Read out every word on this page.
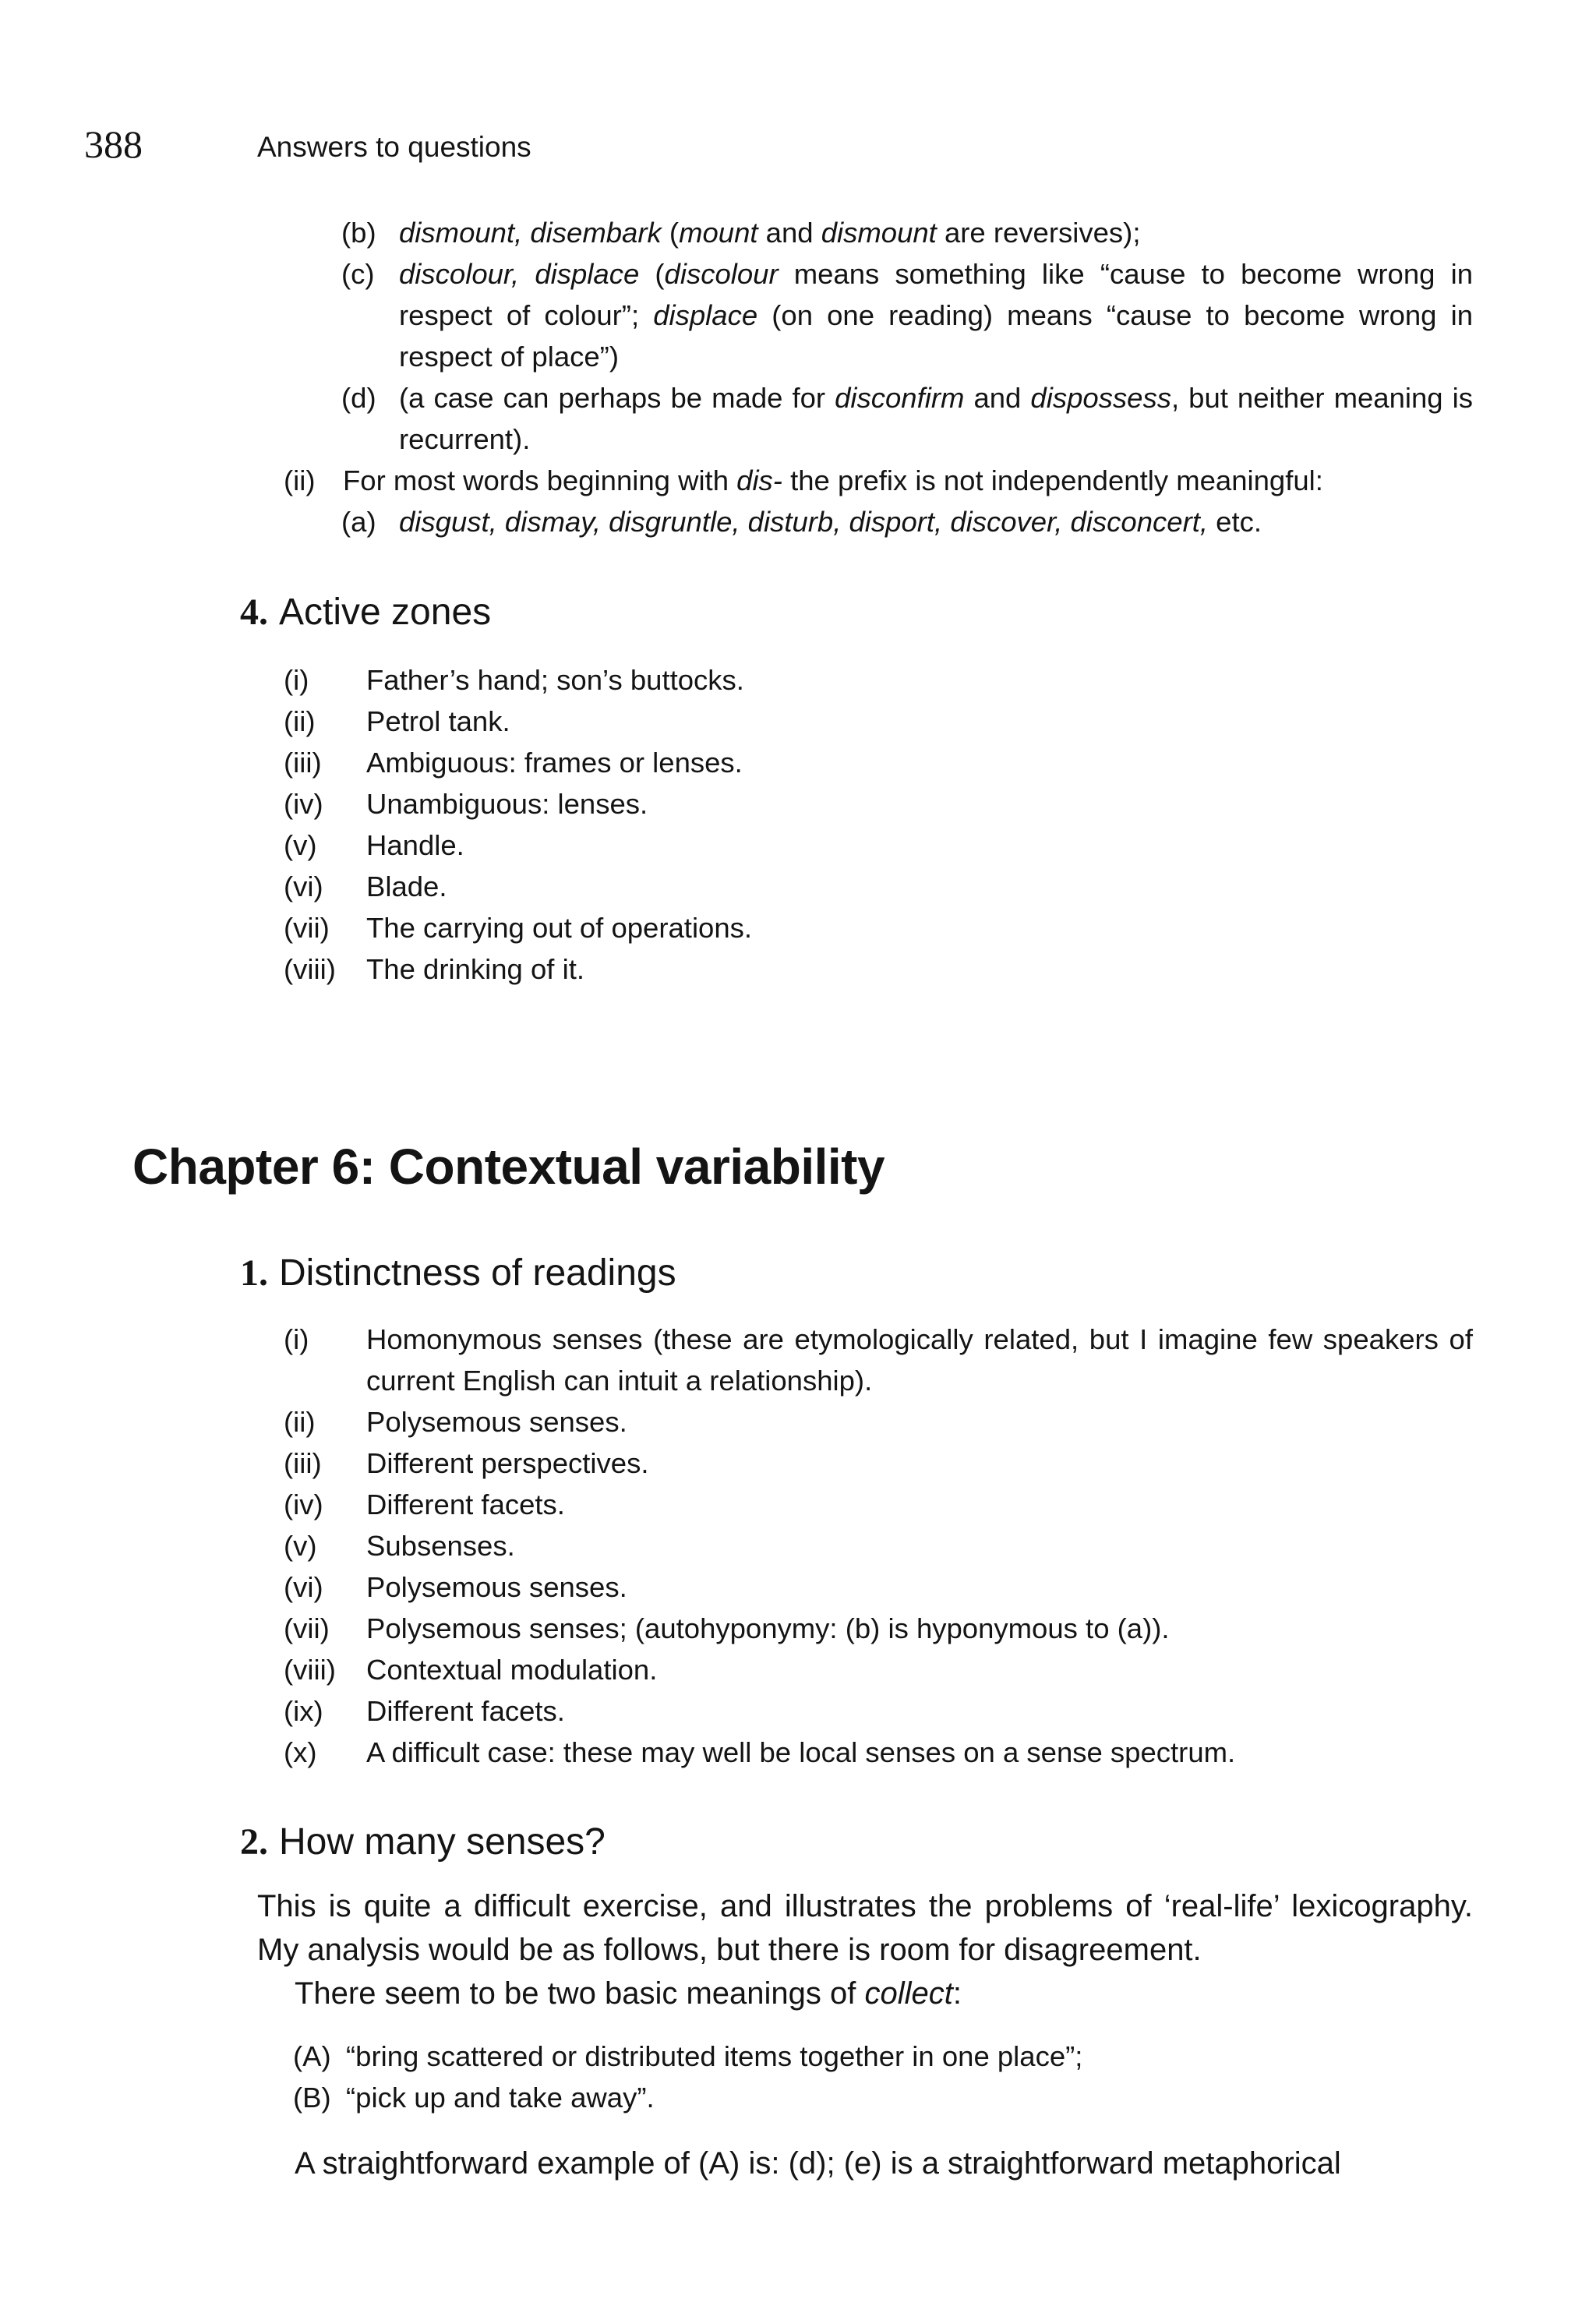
388	Answers to questions
(b) dismount, disembark (mount and dismount are reversives);
(c) discolour, displace (discolour means something like “cause to become wrong in respect of colour”; displace (on one reading) means “cause to become wrong in respect of place”)
(d) (a case can perhaps be made for disconfirm and dispossess, but neither meaning is recurrent).
(ii) For most words beginning with dis- the prefix is not independently meaningful:
(a) disgust, dismay, disgruntle, disturb, disport, discover, disconcert, etc.
4. Active zones
(i) Father’s hand; son’s buttocks.
(ii) Petrol tank.
(iii) Ambiguous: frames or lenses.
(iv) Unambiguous: lenses.
(v) Handle.
(vi) Blade.
(vii) The carrying out of operations.
(viii) The drinking of it.
Chapter 6: Contextual variability
1. Distinctness of readings
(i) Homonymous senses (these are etymologically related, but I imagine few speakers of current English can intuit a relationship).
(ii) Polysemous senses.
(iii) Different perspectives.
(iv) Different facets.
(v) Subsenses.
(vi) Polysemous senses.
(vii) Polysemous senses; (autohyponymy: (b) is hyponymous to (a)).
(viii) Contextual modulation.
(ix) Different facets.
(x) A difficult case: these may well be local senses on a sense spectrum.
2. How many senses?
This is quite a difficult exercise, and illustrates the problems of ‘real-life’ lexicography. My analysis would be as follows, but there is room for disagreement.
There seem to be two basic meanings of collect:
(A) “bring scattered or distributed items together in one place”;
(B) “pick up and take away”.
A straightforward example of (A) is: (d); (e) is a straightforward metaphorical
